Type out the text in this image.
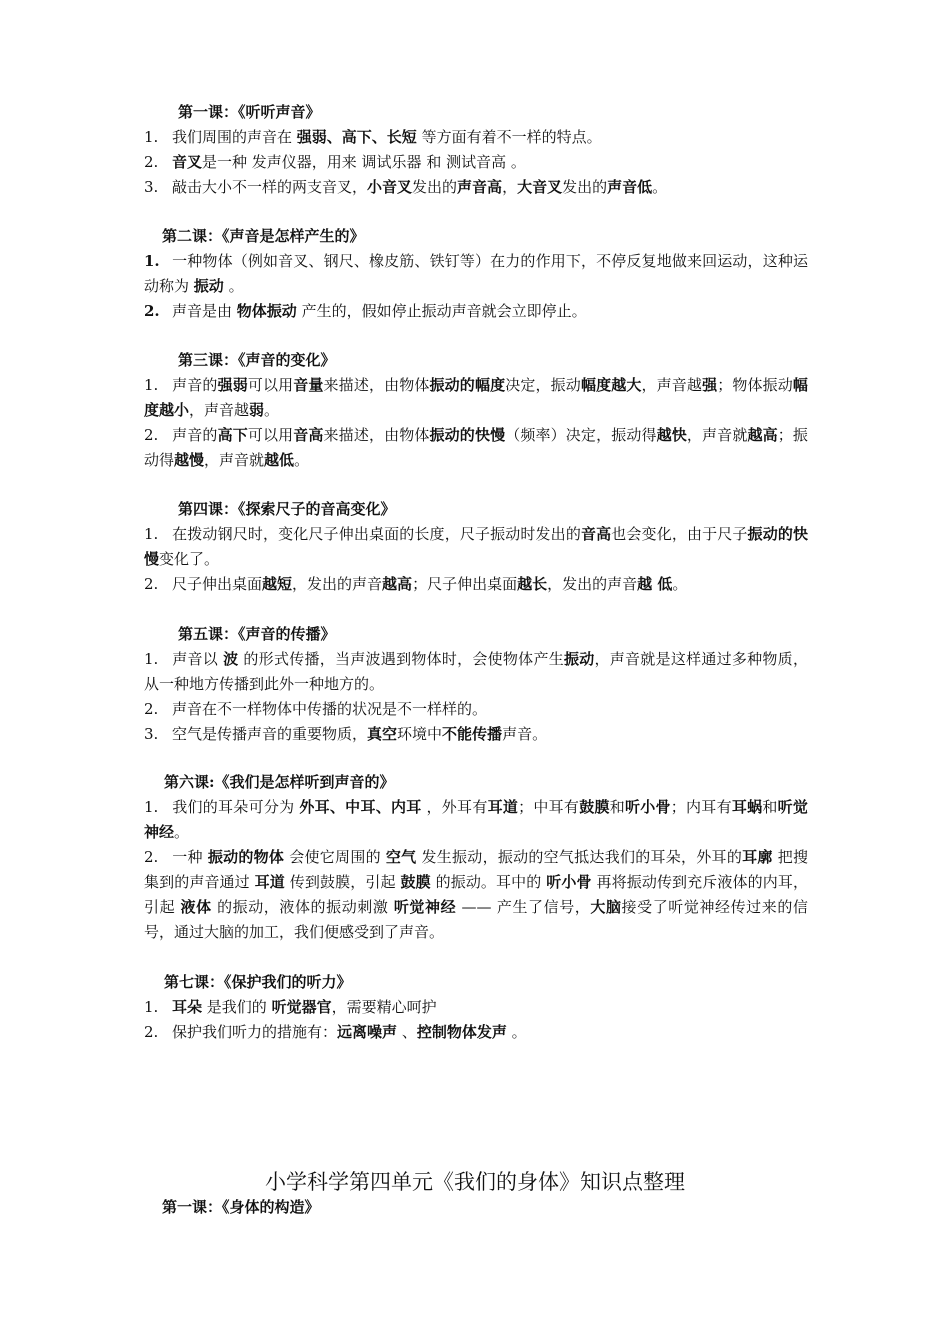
第一课：《听听声音》
1. 我们周围的声音在 强弱、高下、长短 等方面有着不一样的特点。
2. 音叉是一种 发声仪器，用来 调试乐器 和 测试音高 。
3. 敲击大小不一样的两支音叉，小音叉发出的声音高，大音叉发出的声音低。
第二课：《声音是怎样产生的》
1. 一种物体（例如音叉、钢尺、橡皮筋、铁钉等）在力的作用下，不停反复地做来回运动，这种运动称为 振动 。
2. 声音是由 物体振动 产生的，假如停止振动声音就会立即停止。
第三课：《声音的变化》
1. 声音的强弱可以用音量来描述，由物体振动的幅度决定，振动幅度越大，声音越强；物体振动幅度越小，声音越弱。
2. 声音的高下可以用音高来描述，由物体振动的快慢（频率）决定，振动得越快，声音就越高；振动得越慢，声音就越低。
第四课：《探索尺子的音高变化》
1. 在拨动钢尺时，变化尺子伸出桌面的长度，尺子振动时发出的音高也会变化，由于尺子振动的快慢变化了。
2. 尺子伸出桌面越短，发出的声音越高；尺子伸出桌面越长，发出的声音越 低。
第五课：《声音的传播》
1. 声音以 波 的形式传播，当声波遇到物体时，会使物体产生振动，声音就是这样通过多种物质，从一种地方传播到此外一种地方的。
2. 声音在不一样物体中传播的状况是不一样样的。
3. 空气是传播声音的重要物质，真空环境中不能传播声音。
第六课:《我们是怎样听到声音的》
1. 我们的耳朵可分为 外耳、中耳、内耳 ，外耳有耳道；中耳有鼓膜和听小骨；内耳有耳蜗和听觉神经。
2. 一种 振动的物体 会使它周围的 空气 发生振动，振动的空气抵达我们的耳朵，外耳的耳廓 把搜集到的声音通过 耳道 传到鼓膜，引起 鼓膜 的振动。耳中的 听小骨 再将振动传到充斥液体的内耳，引起 液体 的振动，液体的振动刺激 听觉神经 —— 产生了信号，大脑接受了听觉神经传过来的信号，通过大脑的加工，我们便感受到了声音。
第七课：《保护我们的听力》
1. 耳朵 是我们的 听觉器官，需要精心呵护
2. 保护我们听力的措施有：远离噪声 、控制物体发声 。
小学科学第四单元《我们的身体》知识点整理
第一课：《身体的构造》
